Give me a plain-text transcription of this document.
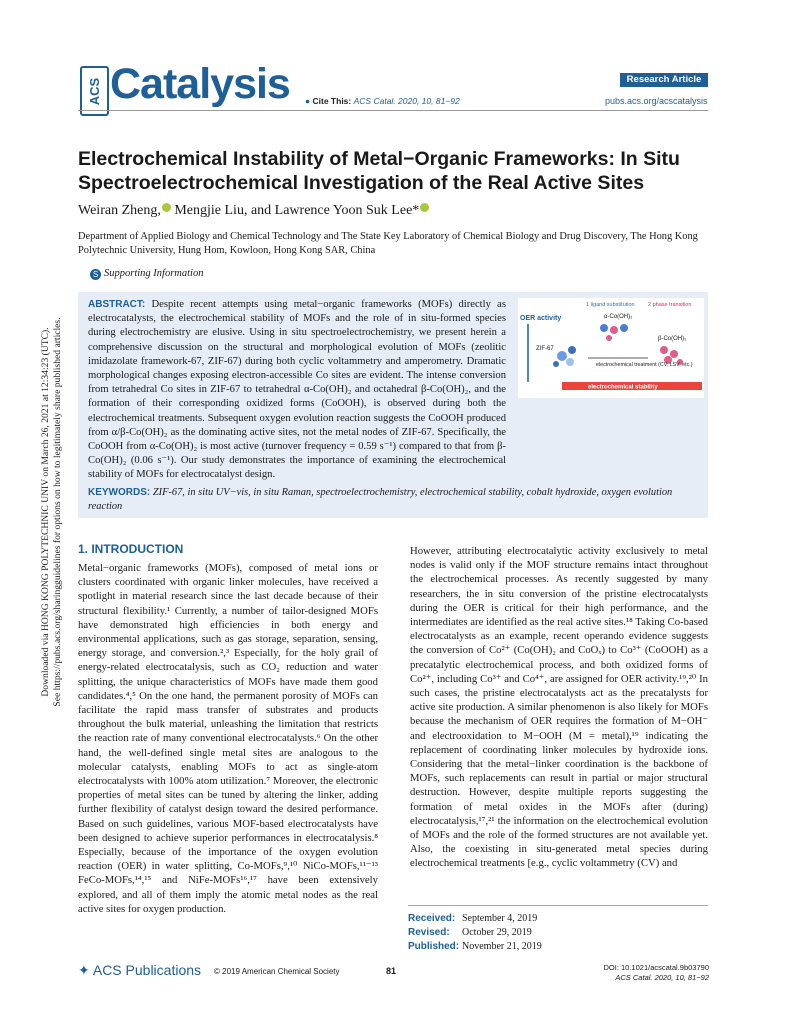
Downloaded via HONG KONG POLYTECHNIC UNIV on March 26, 2021 at 12:34:23 (UTC). See https://pubs.acs.org/sharingguidelines for options on how to legitimately share published articles.
ACS Catalysis	Research Article
● Cite This: ACS Catal. 2020, 10, 81−92	pubs.acs.org/acscatalysis
Electrochemical Instability of Metal−Organic Frameworks: In Situ Spectroelectrochemical Investigation of the Real Active Sites
Weiran Zheng, Mengjie Liu, and Lawrence Yoon Suk Lee*
Department of Applied Biology and Chemical Technology and The State Key Laboratory of Chemical Biology and Drug Discovery, The Hong Kong Polytechnic University, Hung Hom, Kowloon, Hong Kong SAR, China
S Supporting Information
1 ligand substitution 2 phase transition
OER activity	α-Co(OH)₂
β-Co(OH)₂
ZIF-67
electrochemical treatment (CV, LSV, etc.)
electrochemical stability
ABSTRACT: Despite recent attempts using metal−organic frameworks (MOFs) directly as electrocatalysts, the electrochemical stability of MOFs and the role of in situ-formed species during electrochemistry are elusive. Using in situ spectroelectrochemistry, we present herein a comprehensive discussion on the structural and morphological evolution of MOFs (zeolitic imidazolate framework-67, ZIF-67) during both cyclic voltammetry and amperometry. Dramatic morphological changes exposing electron-accessible Co sites are evident. The intense conversion from tetrahedral Co sites in ZIF-67 to tetrahedral α-Co(OH)₂ and octahedral β-Co(OH)₂, and the formation of their corresponding oxidized forms (CoOOH), is observed during both the electrochemical treatments. Subsequent oxygen evolution reaction suggests the CoOOH produced from α/β-Co(OH)₂ as the dominating active sites, not the metal nodes of ZIF-67. Specifically, the CoOOH from α-Co(OH)₂ is most active (turnover frequency = 0.59 s⁻¹) compared to that from β-Co(OH)₂ (0.06 s⁻¹). Our study demonstrates the importance of examining the electrochemical stability of MOFs for electrocatalyst design.
KEYWORDS: ZIF-67, in situ UV−vis, in situ Raman, spectroelectrochemistry, electrochemical stability, cobalt hydroxide, oxygen evolution reaction
1. INTRODUCTION

Metal−organic frameworks (MOFs), composed of metal ions or clusters coordinated with organic linker molecules, have received a spotlight in material research since the last decade because of their structural flexibility.¹ Currently, a number of tailor-designed MOFs have demonstrated high efficiencies in both energy and environmental applications, such as gas storage, separation, sensing, energy storage, and conversion.²,³ Especially, for the holy grail of energy-related electrocatalysis, such as CO₂ reduction and water splitting, the unique characteristics of MOFs have made them good candidates.⁴,⁵ On the one hand, the permanent porosity of MOFs can facilitate the rapid mass transfer of substrates and products throughout the bulk material, unleashing the limitation that restricts the reaction rate of many conventional electrocatalysts.⁶ On the other hand, the well-defined single metal sites are analogous to the molecular catalysts, enabling MOFs to act as single-atom electrocatalysts with 100% atom utilization.⁷ Moreover, the electronic properties of metal sites can be tuned by altering the linker, adding further flexibility of catalyst design toward the desired performance. Based on such guidelines, various MOF-based electrocatalysts have been designed to achieve superior performances in electrocatalysis.⁸ Especially, because of the importance of the oxygen evolution reaction (OER) in water splitting, Co-MOFs,⁹,¹⁰ NiCo-MOFs,¹¹⁻¹³ FeCo-MOFs,¹⁴,¹⁵ and NiFe-MOFs¹⁶,¹⁷ have been extensively explored, and all of them imply the atomic metal nodes as the real active sites for oxygen production.

However, attributing electrocatalytic activity exclusively to metal nodes is valid only if the MOF structure remains intact throughout the electrochemical processes. As recently suggested by many researchers, the in situ conversion of the pristine electrocatalysts during the OER is critical for their high performance, and the intermediates are identified as the real active sites.¹⁸ Taking Co-based electrocatalysts as an example, recent operando evidence suggests the conversion of Co²⁺ (Co(OH)₂ and CoOₓ) to Co³⁺ (CoOOH) as a precatalytic electrochemical process, and both oxidized forms of Co²⁺, including Co³⁺ and Co⁴⁺, are assigned for OER activity.¹⁹,²⁰ In such cases, the pristine electrocatalysts act as the precatalysts for active site production. A similar phenomenon is also likely for MOFs because the mechanism of OER requires the formation of M−OH⁻ and electrooxidation to M−OOH (M = metal),¹⁹ indicating the replacement of coordinating linker molecules by hydroxide ions. Considering that the metal−linker coordination is the backbone of MOFs, such replacements can result in partial or major structural destruction. However, despite multiple reports suggesting the formation of metal oxides in the MOFs after (during) electrocatalysis,¹⁷,²¹ the information on the electrochemical evolution of MOFs and the role of the formed structures are not available yet. Also, the coexisting in situ-generated metal species during electrochemical treatments [e.g., cyclic voltammetry (CV) and

Received: September 4, 2019
Revised: October 29, 2019
Published: November 21, 2019
✦ ACS Publications © 2019 American Chemical Society	81	DOI: 10.1021/acscatal.9b03790
ACS Catal. 2020, 10, 81−92
